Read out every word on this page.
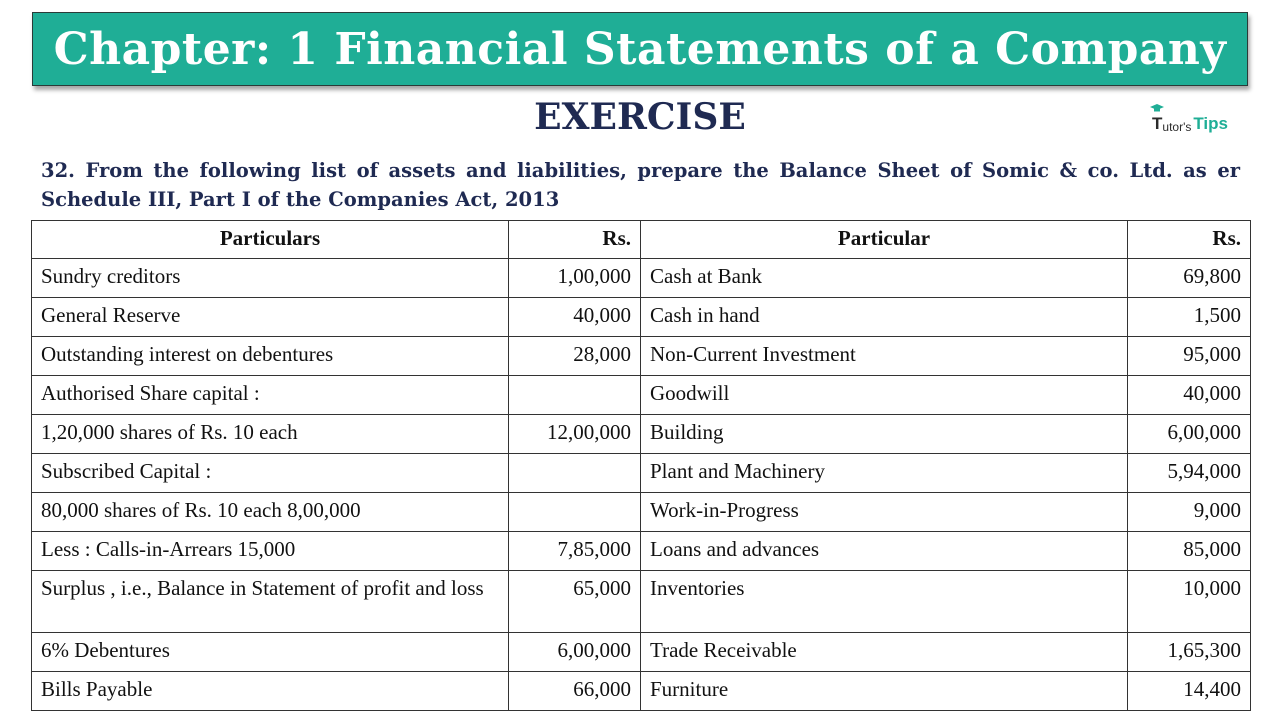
Chapter: 1 Financial Statements of a Company
EXERCISE	T utor's Tips
32. From the following list of assets and liabilities, prepare the Balance Sheet of Somic & co. Ltd. as er Schedule III, Part I of the Companies Act, 2013
Particulars	Rs.	Particular	Rs.
Sundry creditors	1,00,000	Cash at Bank	69,800
General Reserve	40,000	Cash in hand	1,500
Outstanding interest on debentures	28,000	Non-Current Investment	95,000
Authorised Share capital :		Goodwill	40,000
1,20,000 shares of Rs. 10 each	12,00,000	Building	6,00,000
Subscribed Capital :		Plant and Machinery	5,94,000
80,000 shares of Rs. 10 each 8,00,000		Work-in-Progress	9,000
Less : Calls-in-Arrears 15,000	7,85,000	Loans and advances	85,000
Surplus , i.e., Balance in Statement of profit and loss	65,000	Inventories	10,000
6% Debentures	6,00,000	Trade Receivable	1,65,300
Bills Payable	66,000	Furniture	14,400
